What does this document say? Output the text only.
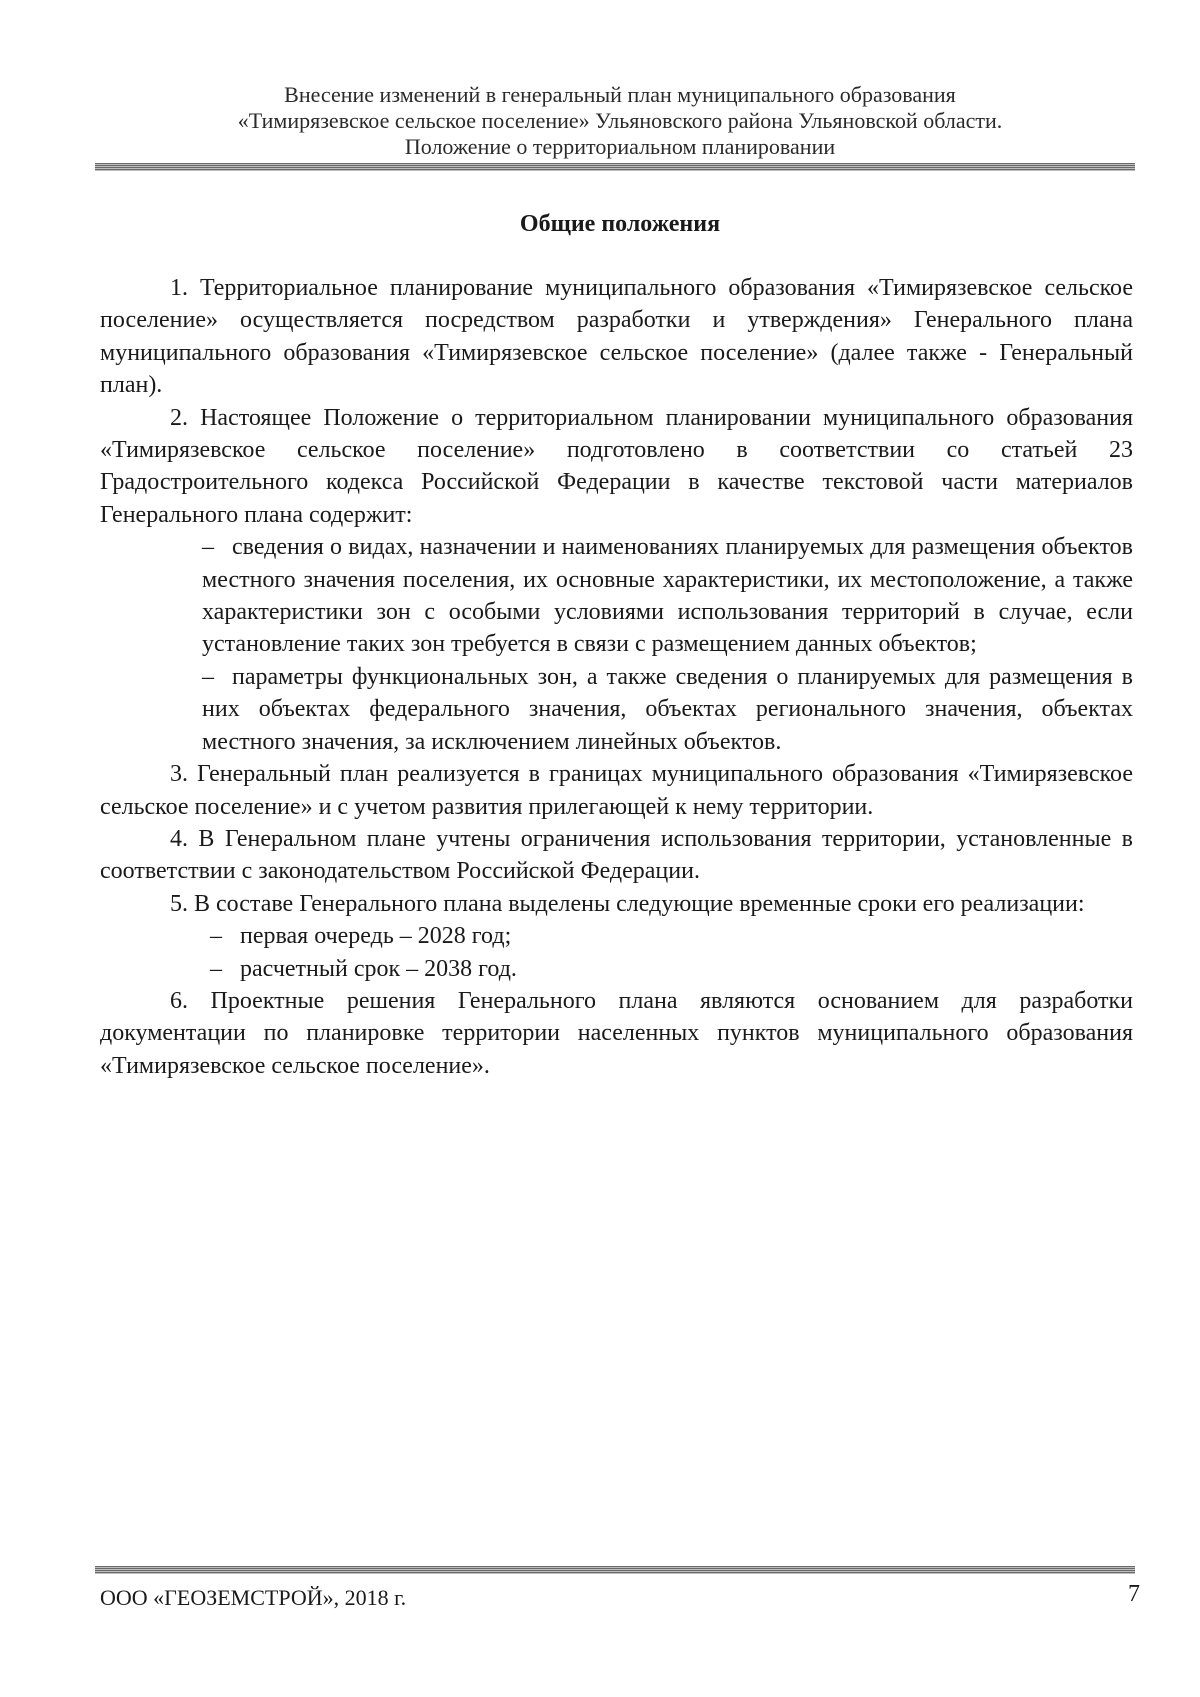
Внесение изменений в генеральный план муниципального образования
«Тимирязевское сельское поселение» Ульяновского района Ульяновской области.
Положение о территориальном планировании
Общие положения

1. Территориальное планирование муниципального образования «Тимирязевское сельское поселение» осуществляется посредством разработки и утверждения» Генерального плана муниципального образования «Тимирязевское сельское поселение» (далее также - Генеральный план).

2. Настоящее Положение о территориальном планировании муниципального образования «Тимирязевское сельское поселение» подготовлено в соответствии со статьей 23 Градостроительного кодекса Российской Федерации в качестве текстовой части материалов Генерального плана содержит:

– сведения о видах, назначении и наименованиях планируемых для размещения объектов местного значения поселения, их основные характеристики, их местоположение, а также характеристики зон с особыми условиями использования территорий в случае, если установление таких зон требуется в связи с размещением данных объектов;
– параметры функциональных зон, а также сведения о планируемых для размещения в них объектах федерального значения, объектах регионального значения, объектах местного значения, за исключением линейных объектов.

3. Генеральный план реализуется в границах муниципального образования «Тимирязевское сельское поселение» и с учетом развития прилегающей к нему территории.

4. В Генеральном плане учтены ограничения использования территории, установленные в соответствии с законодательством Российской Федерации.

5. В составе Генерального плана выделены следующие временные сроки его реализации:

– первая очередь – 2028 год;
– расчетный срок – 2038 год.

6. Проектные решения Генерального плана являются основанием для разработки документации по планировке территории населенных пунктов муниципального образования «Тимирязевское сельское поселение».

ООО «ГЕОЗЕМСТРОЙ», 2018 г.	7
